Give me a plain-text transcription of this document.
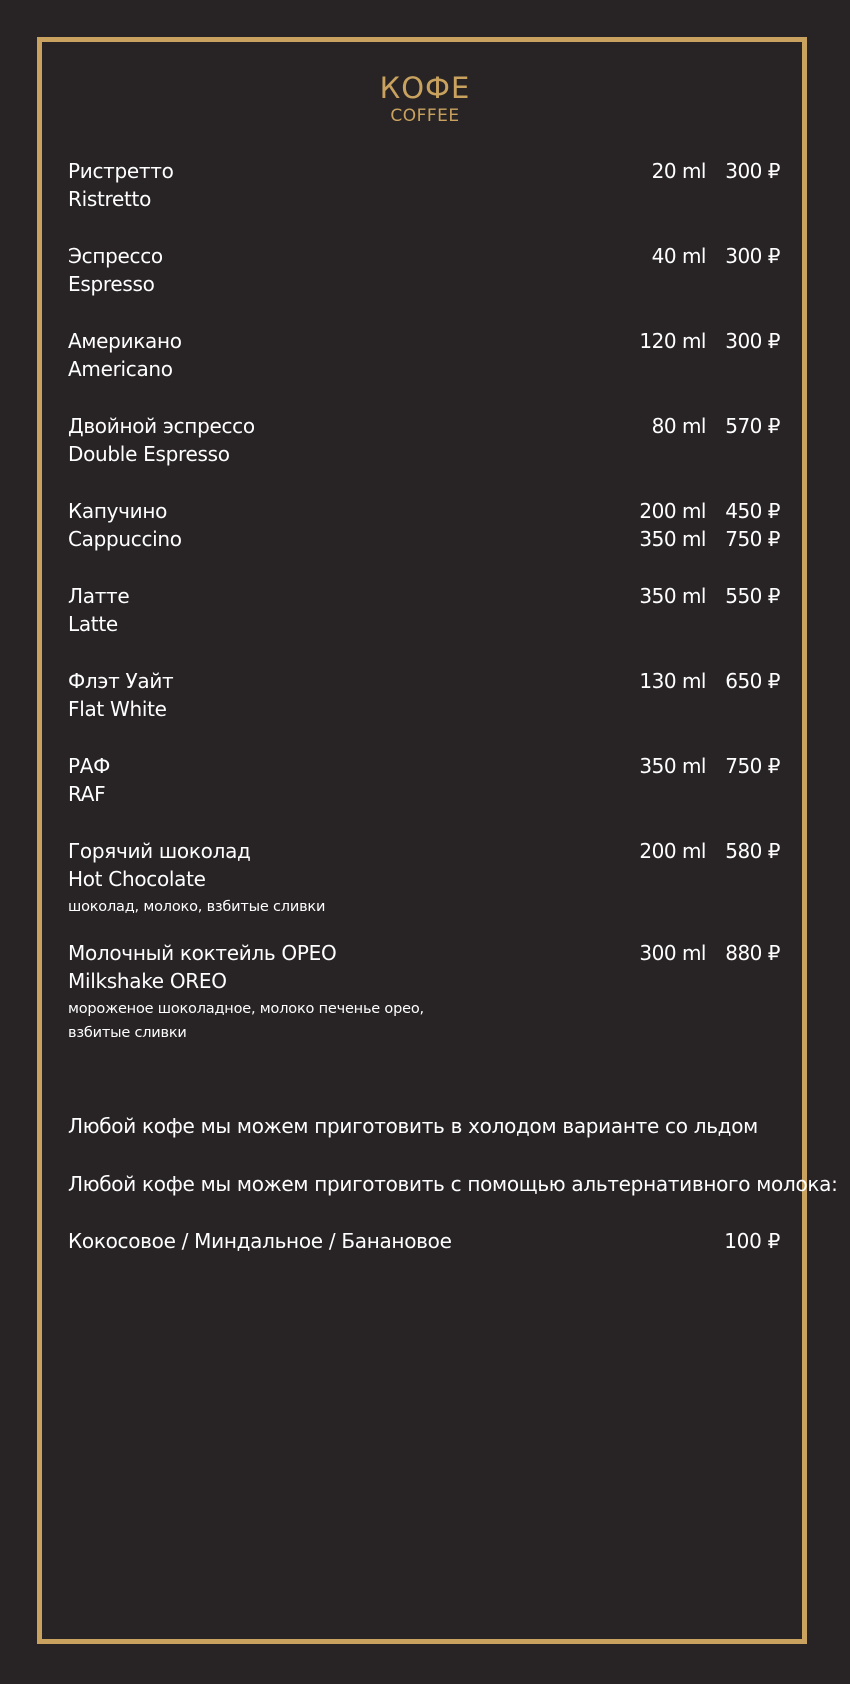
КОФЕ
COFFEE
Ристретто
Ristretto
20 ml 300 ₽
Эспрессо
Espresso
40 ml 300 ₽
Американо
Americano
120 ml 300 ₽
Двойной эспрессо
Double Espresso
80 ml 570 ₽
Капучино
Cappuccino
200 ml 450 ₽
350 ml 750 ₽
Латте
Latte
350 ml 550 ₽
Флэт Уайт
Flat White
130 ml 650 ₽
РАФ
RAF
350 ml 750 ₽
Горячий шоколад
Hot Chocolate
шоколад, молоко, взбитые сливки
200 ml 580 ₽
Молочный коктейль ОРЕО
Milkshake OREO
мороженое шоколадное, молоко печенье орео, взбитые сливки
300 ml 880 ₽
Любой кофе мы можем приготовить в холодом варианте со льдом
Любой кофе мы можем приготовить с помощью альтернативного молока:
Кокосовое / Миндальное / Банановое	100 ₽
